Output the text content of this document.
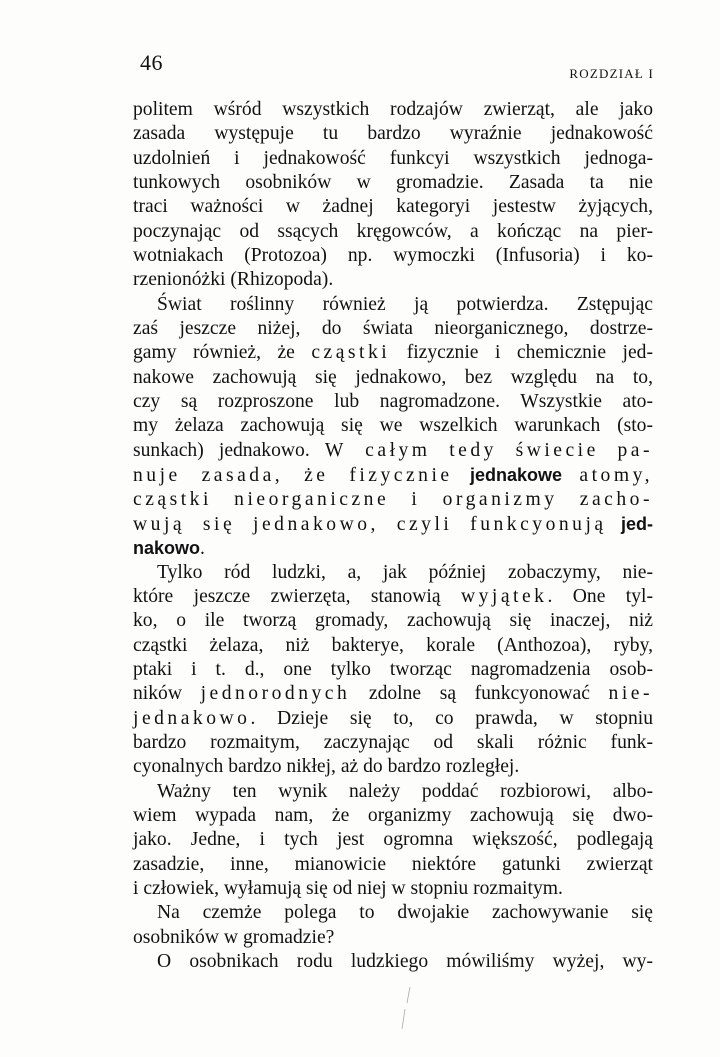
46	ROZDZIAŁ I
politem wśród wszystkich rodzajów zwierząt, ale jako
zasada występuje tu bardzo wyraźnie jednakowość
uzdolnień i jednakowość funkcyi wszystkich jednoga-
tunkowych osobników w gromadzie. Zasada ta nie
traci ważności w żadnej kategoryi jestestw żyjących,
poczynając od ssących kręgowców, a kończąc na pier-
wotniakach (Protozoa) np. wymoczki (Infusoria) i ko-
rzenionóżki (Rhizopoda).
Świat roślinny również ją potwierdza. Zstępując
zaś jeszcze niżej, do świata nieorganicznego, dostrze-
gamy również, że cząstki fizycznie i chemicznie jed-
nakowe zachowują się jednakowo, bez względu na to,
czy są rozproszone lub nagromadzone. Wszystkie ato-
my żelaza zachowują się we wszelkich warunkach (sto-
sunkach) jednakowo. W całym tedy świecie pa-
nuje zasada, że fizycznie jednakowe atomy,
cząstki nieorganiczne i organizmy zacho-
wują się jednakowo, czyli funkcyonują jed-
nakowo.
Tylko ród ludzki, a, jak później zobaczymy, nie-
które jeszcze zwierzęta, stanowią wyjątek. One tyl-
ko, o ile tworzą gromady, zachowują się inaczej, niż
cząstki żelaza, niż bakterye, korale (Anthozoa), ryby,
ptaki i t. d., one tylko tworząc nagromadzenia osob-
ników jednorodnych zdolne są funkcyonować nie-
jednakowo. Dzieje się to, co prawda, w stopniu
bardzo rozmaitym, zaczynając od skali różnic funk-
cyonalnych bardzo nikłej, aż do bardzo rozległej.
Ważny ten wynik należy poddać rozbiorowi, albo-
wiem wypada nam, że organizmy zachowują się dwo-
jako. Jedne, i tych jest ogromna większość, podlegają
zasadzie, inne, mianowicie niektóre gatunki zwierząt
i człowiek, wyłamują się od niej w stopniu rozmaitym.
Na czemże polega to dwojakie zachowywanie się
osobników w gromadzie?
O osobnikach rodu ludzkiego mówiliśmy wyżej, wy-
